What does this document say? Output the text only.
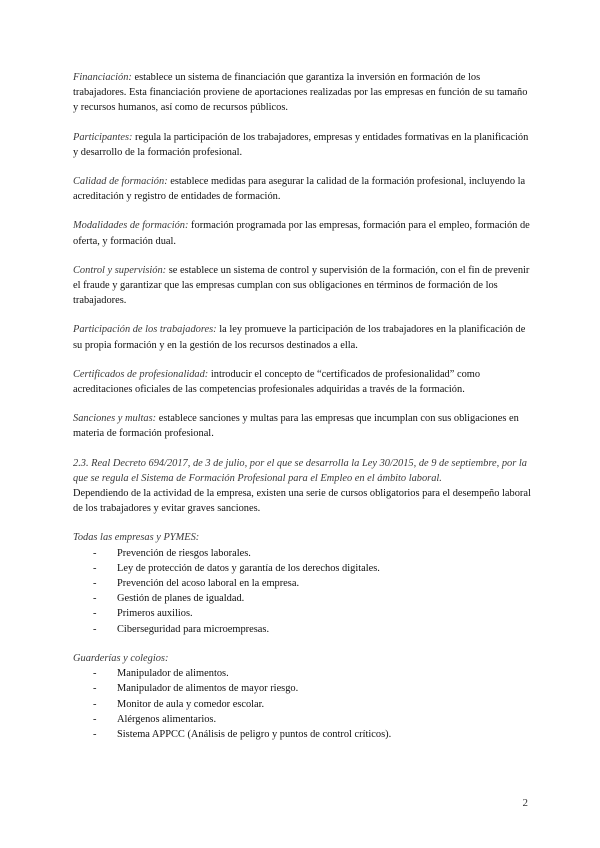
Financiación: establece un sistema de financiación que garantiza la inversión en formación de los trabajadores. Esta financiación proviene de aportaciones realizadas por las empresas en función de su tamaño y recursos humanos, así como de recursos públicos.

Participantes: regula la participación de los trabajadores, empresas y entidades formativas en la planificación y desarrollo de la formación profesional.

Calidad de formación: establece medidas para asegurar la calidad de la formación profesional, incluyendo la acreditación y registro de entidades de formación.

Modalidades de formación: formación programada por las empresas, formación para el empleo, formación de oferta, y formación dual.

Control y supervisión: se establece un sistema de control y supervisión de la formación, con el fin de prevenir el fraude y garantizar que las empresas cumplan con sus obligaciones en términos de formación de los trabajadores.

Participación de los trabajadores: la ley promueve la participación de los trabajadores en la planificación de su propia formación y en la gestión de los recursos destinados a ella.

Certificados de profesionalidad: introducir el concepto de “certificados de profesionalidad” como acreditaciones oficiales de las competencias profesionales adquiridas a través de la formación.

Sanciones y multas: establece sanciones y multas para las empresas que incumplan con sus obligaciones en materia de formación profesional.

2.3. Real Decreto 694/2017, de 3 de julio, por el que se desarrolla la Ley 30/2015, de 9 de septiembre, por la que se regula el Sistema de Formación Profesional para el Empleo en el ámbito laboral.

Dependiendo de la actividad de la empresa, existen una serie de cursos obligatorios para el desempeño laboral de los trabajadores y evitar graves sanciones.

Todas las empresas y PYMES:

- Prevención de riesgos laborales.
- Ley de protección de datos y garantía de los derechos digitales.
- Prevención del acoso laboral en la empresa.
- Gestión de planes de igualdad.
- Primeros auxilios.
- Ciberseguridad para microempresas.

Guarderías y colegios:

- Manipulador de alimentos.
- Manipulador de alimentos de mayor riesgo.
- Monitor de aula y comedor escolar.
- Alérgenos alimentarios.
- Sistema APPCC (Análisis de peligro y puntos de control críticos).
2
